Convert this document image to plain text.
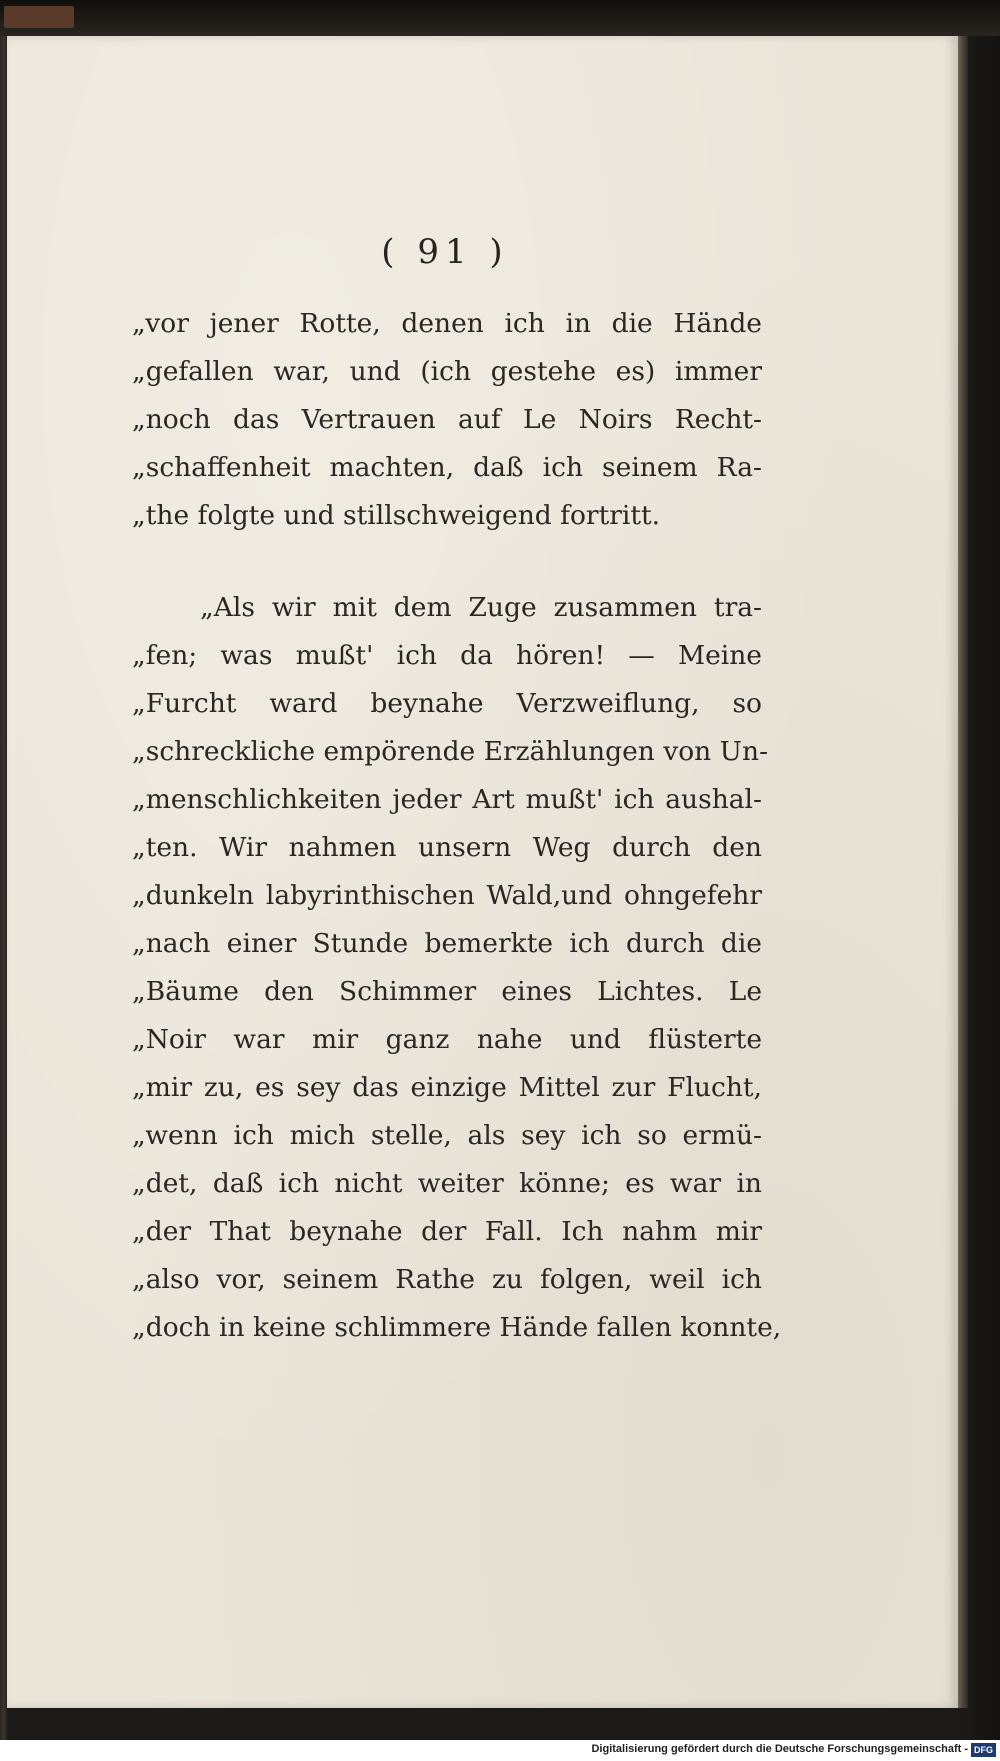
( 91 )
„vor jener Rotte, denen ich in die Hände
„gefallen war, und (ich gestehe es) immer
„noch das Vertrauen auf Le Noirs Recht-
„schaffenheit machten, daß ich seinem Ra-
„the folgte und stillschweigend fortritt.
„Als wir mit dem Zuge zusammen tra-
„fen; was mußt' ich da hören! — Meine
„Furcht ward beynahe Verzweiflung, so
„schreckliche empörende Erzählungen von Un-
„menschlichkeiten jeder Art mußt' ich aushal-
„ten. Wir nahmen unsern Weg durch den
„dunkeln labyrinthischen Wald,und ohngefehr
„nach einer Stunde bemerkte ich durch die
„Bäume den Schimmer eines Lichtes. Le
„Noir war mir ganz nahe und flüsterte
„mir zu, es sey das einzige Mittel zur Flucht,
„wenn ich mich stelle, als sey ich so ermü-
„det, daß ich nicht weiter könne; es war in
„der That beynahe der Fall. Ich nahm mir
„also vor, seinem Rathe zu folgen, weil ich
„doch in keine schlimmere Hände fallen konnte,
Digitalisierung gefördert durch die Deutsche Forschungsgemeinschaft - DFG
